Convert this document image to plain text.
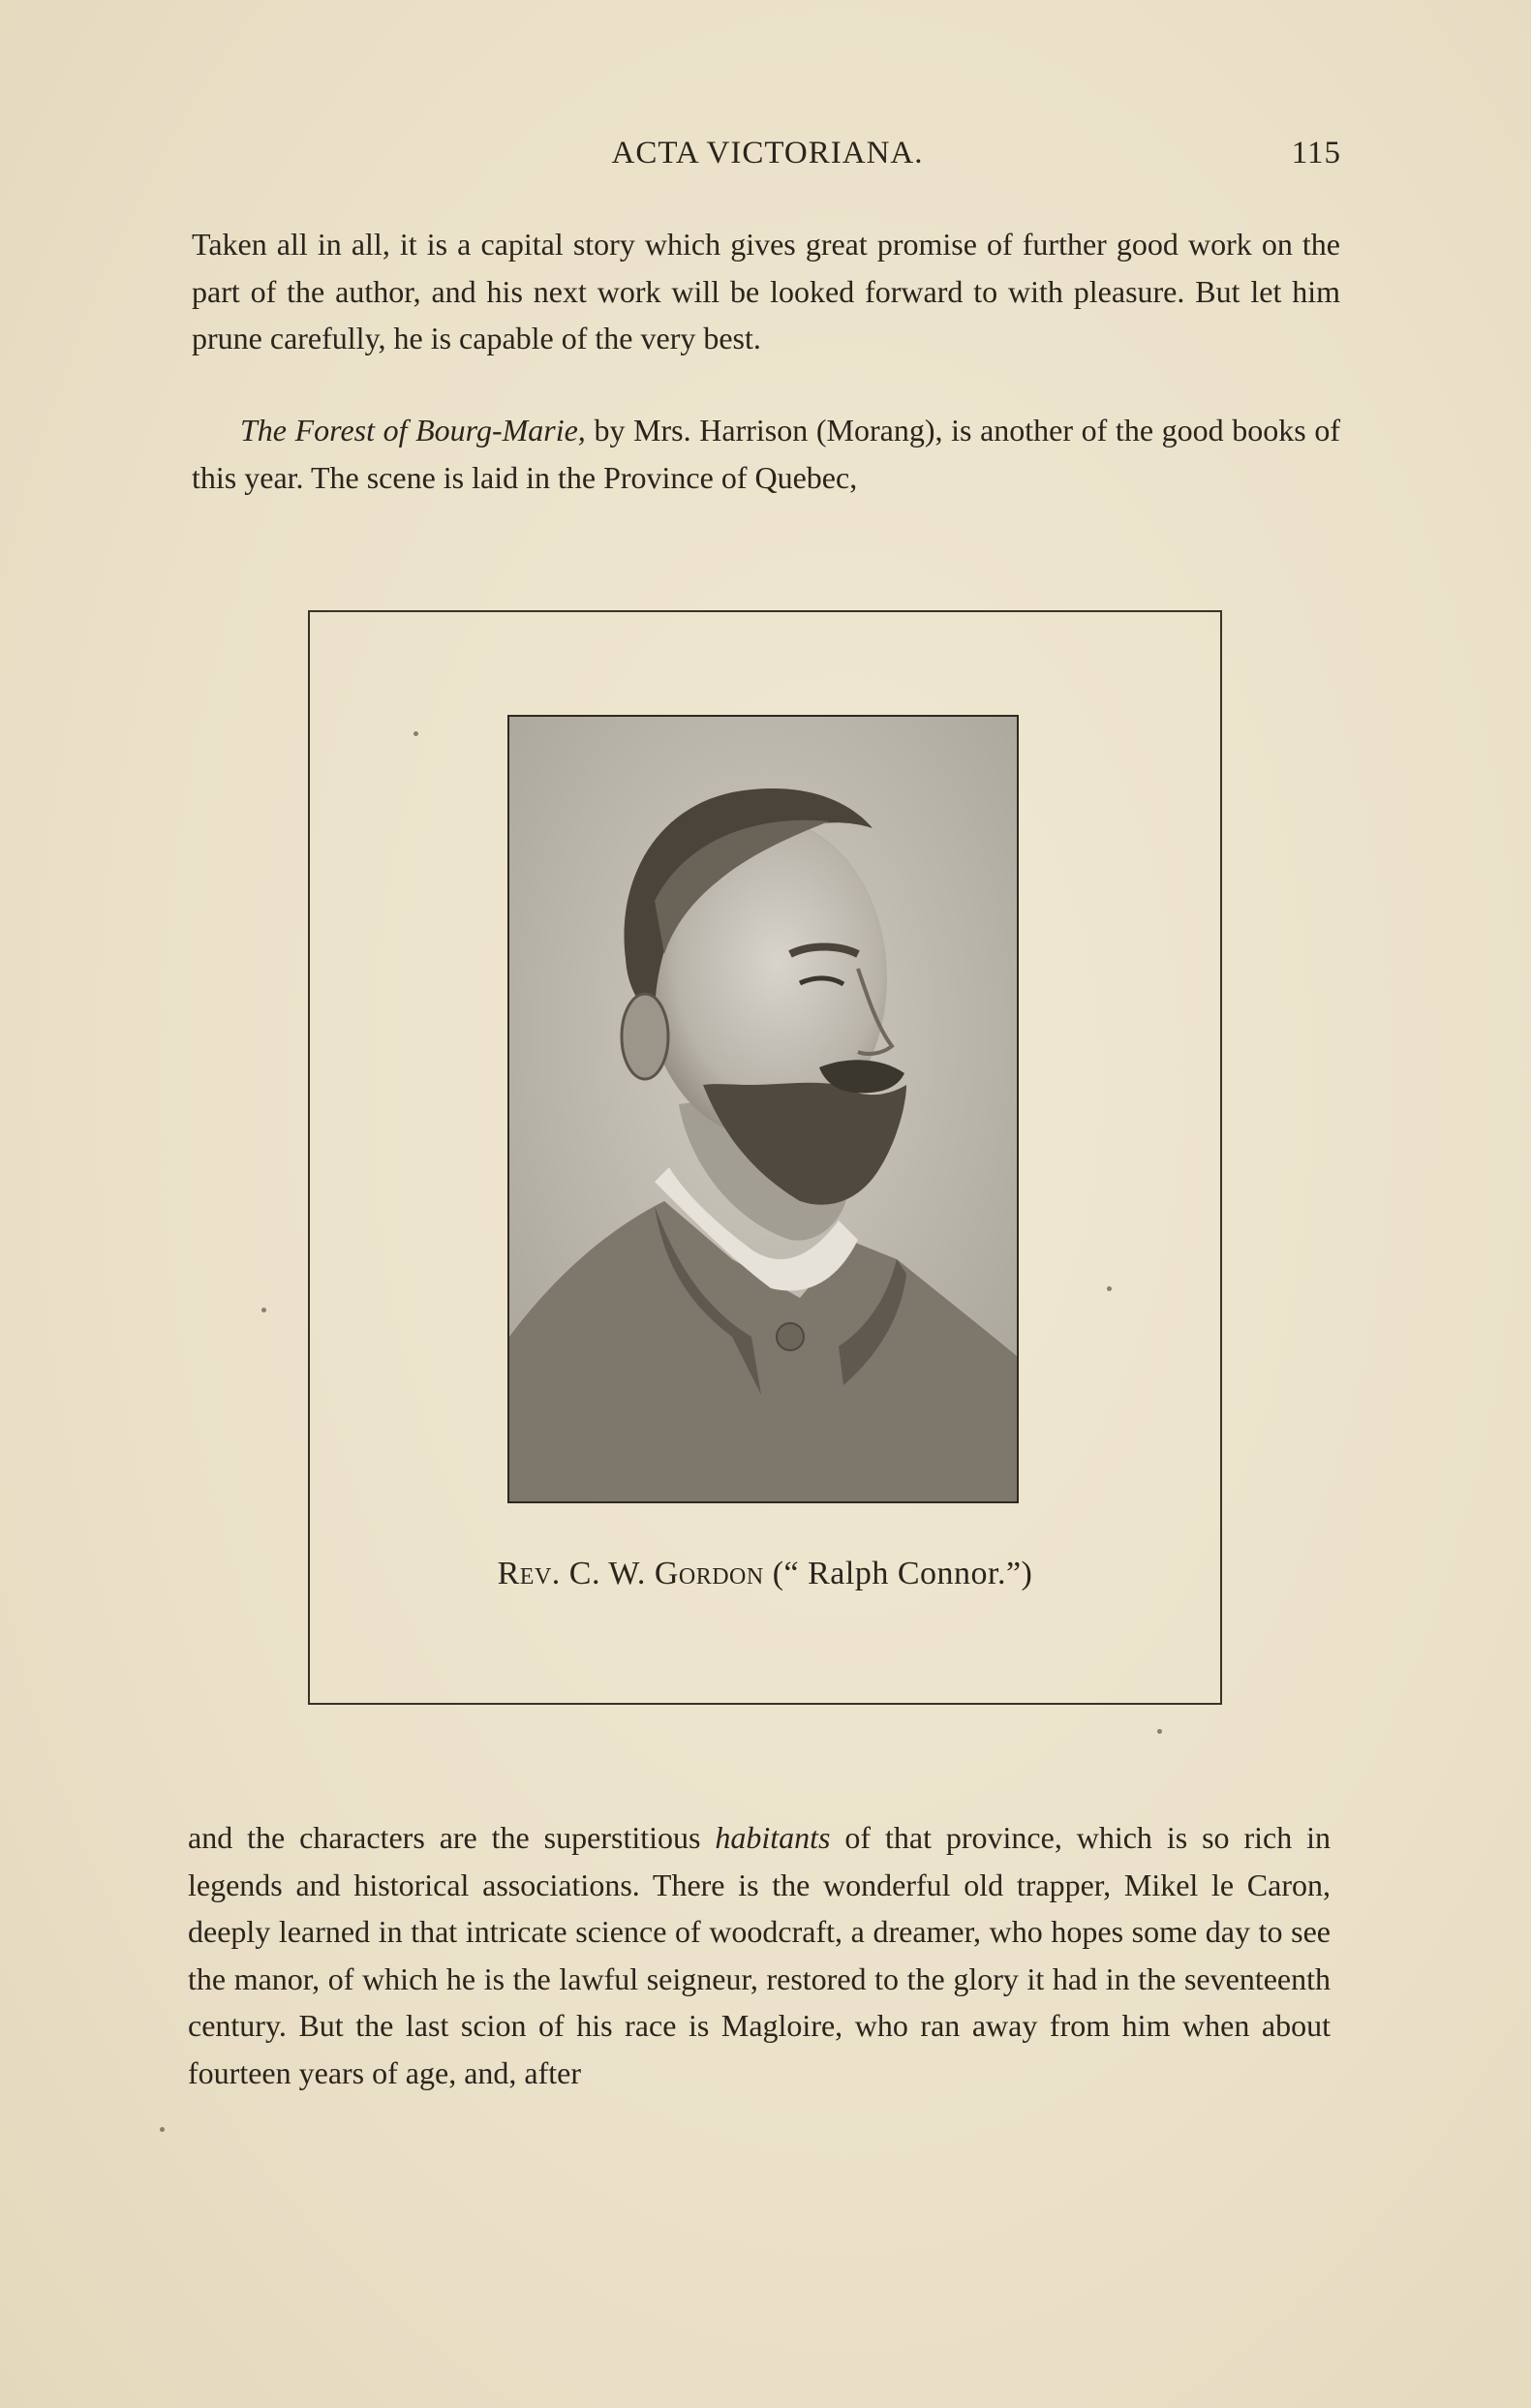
ACTA VICTORIANA.	115

Taken all in all, it is a capital story which gives great promise of further good work on the part of the author, and his next work will be looked forward to with pleasure. But let him prune carefully, he is capable of the very best.

The Forest of Bourg-Marie, by Mrs. Harrison (Morang), is another of the good books of this year. The scene is laid in the Province of Quebec,

Rev. C. W. Gordon (“ Ralph Connor.”)

and the characters are the superstitious habitants of that province, which is so rich in legends and historical associations. There is the wonderful old trapper, Mikel le Caron, deeply learned in that intricate science of woodcraft, a dreamer, who hopes some day to see the manor, of which he is the lawful seigneur, restored to the glory it had in the seventeenth century. But the last scion of his race is Magloire, who ran away from him when about fourteen years of age, and, after
